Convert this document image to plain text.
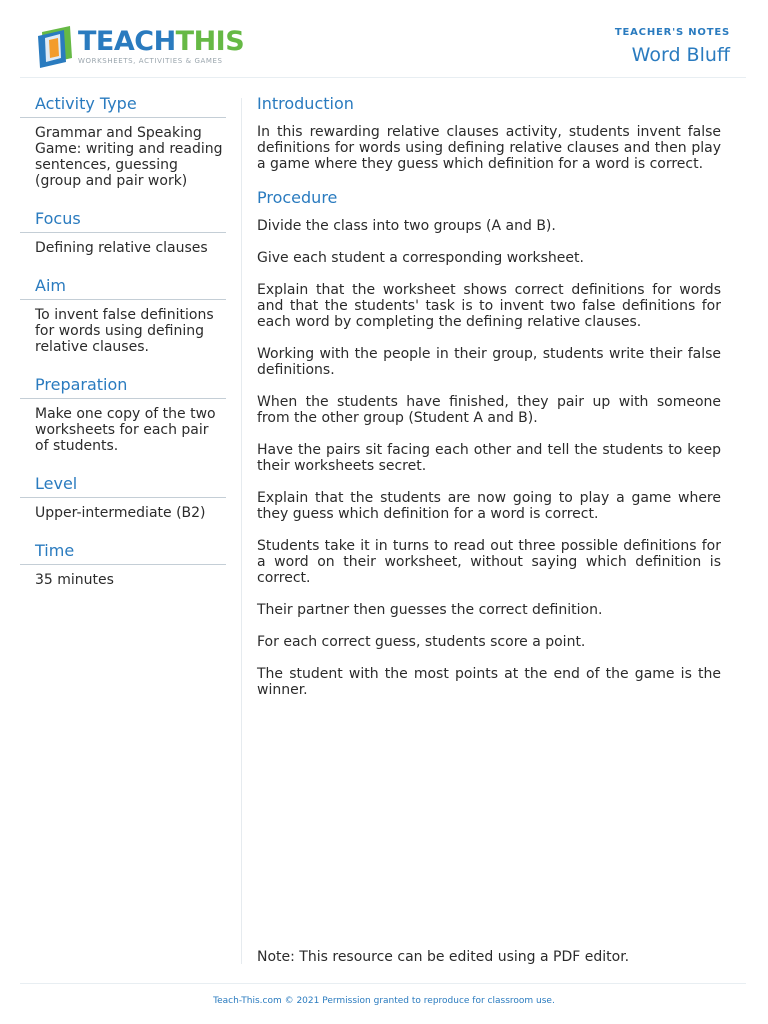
TEACHTHIS
WORKSHEETS, ACTIVITIES & GAMES
TEACHER'S NOTES
Word Bluff
Activity Type
Grammar and Speaking Game: writing and reading sentences, guessing (group and pair work)
Focus
Defining relative clauses
Aim
To invent false definitions for words using defining relative clauses.
Preparation
Make one copy of the two worksheets for each pair of students.
Level
Upper-intermediate (B2)
Time
35 minutes
Introduction

In this rewarding relative clauses activity, students invent false definitions for words using defining relative clauses and then play a game where they guess which definition for a word is correct.

Procedure

Divide the class into two groups (A and B).

Give each student a corresponding worksheet.

Explain that the worksheet shows correct definitions for words and that the students' task is to invent two false definitions for each word by completing the defining relative clauses.

Working with the people in their group, students write their false definitions.

When the students have finished, they pair up with someone from the other group (Student A and B).

Have the pairs sit facing each other and tell the students to keep their worksheets secret.

Explain that the students are now going to play a game where they guess which definition for a word is correct.

Students take it in turns to read out three possible definitions for a word on their worksheet, without saying which definition is correct.

Their partner then guesses the correct definition.

For each correct guess, students score a point.

The student with the most points at the end of the game is the winner.

Note: This resource can be edited using a PDF editor.
Teach-This.com © 2021 Permission granted to reproduce for classroom use.
